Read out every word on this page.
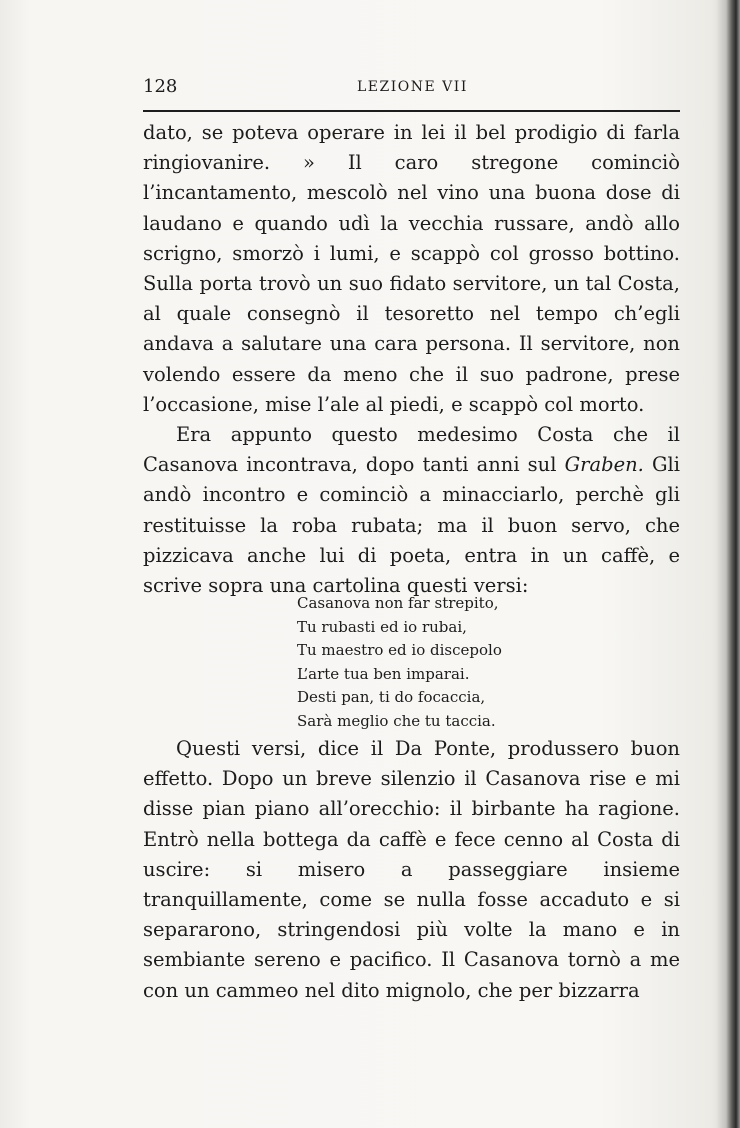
128	LEZIONE VII

dato, se poteva operare in lei il bel prodigio di farla ringiovanire. » Il caro stregone cominciò l’incantamento, mescolò nel vino una buona dose di laudano e quando udì la vecchia russare, andò allo scrigno, smorzò i lumi, e scappò col grosso bottino. Sulla porta trovò un suo fidato servitore, un tal Costa, al quale consegnò il tesoretto nel tempo ch’egli andava a salutare una cara persona. Il servitore, non volendo essere da meno che il suo padrone, prese l’occasione, mise l’ale al piedi, e scappò col morto.

Era appunto questo medesimo Costa che il Casanova incontrava, dopo tanti anni sul Graben. Gli andò incontro e cominciò a minacciarlo, perchè gli restituisse la roba rubata; ma il buon servo, che pizzicava anche lui di poeta, entra in un caffè, e scrive sopra una cartolina questi versi:

Casanova non far strepito,
Tu rubasti ed io rubai,
Tu maestro ed io discepolo
L’arte tua ben imparai.
Desti pan, ti do focaccia,
Sarà meglio che tu taccia.

Questi versi, dice il Da Ponte, produssero buon effetto. Dopo un breve silenzio il Casanova rise e mi disse pian piano all’orecchio: il birbante ha ragione. Entrò nella bottega da caffè e fece cenno al Costa di uscire: si misero a passeggiare insieme tranquillamente, come se nulla fosse accaduto e si separarono, stringendosi più volte la mano e in sembiante sereno e pacifico. Il Casanova tornò a me con un cammeo nel dito mignolo, che per bizzarra
